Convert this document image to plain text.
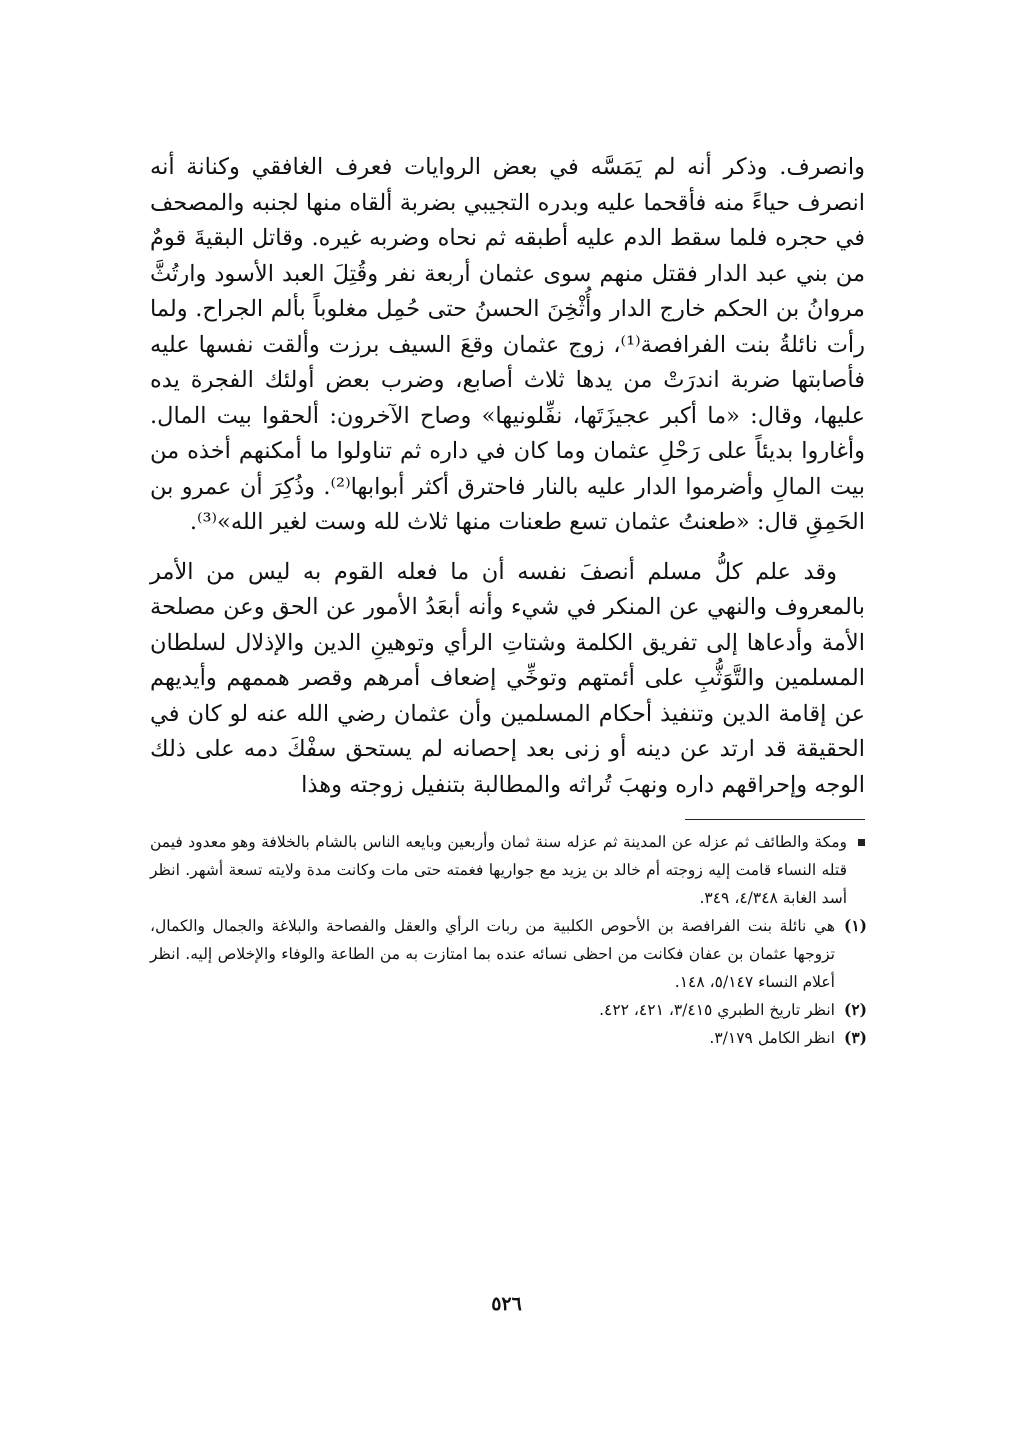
وانصرف. وذكر أنه لم يَمَسَّه في بعض الروايات فعرف الغافقي وكنانة أنه انصرف حياءً منه فأقحما عليه وبدره التجيبي بضربة ألقاه منها لجنبه والمصحف في حجره فلما سقط الدم عليه أطبقه ثم نحاه وضربه غيره. وقاتل البقيةَ قومٌ من بني عبد الدار فقتل منهم سوى عثمان أربعة نفر وقُتِلَ العبد الأسود وارتُثَّ مروانُ بن الحكم خارج الدار وأُثْخِنَ الحسنُ حتى حُمِل مغلوباً بألم الجراح. ولما رأت نائلةُ بنت الفرافصة⁽¹⁾، زوج عثمان وقعَ السيف برزت وألقت نفسها عليه فأصابتها ضربة اندرَتْ من يدها ثلاث أصابع، وضرب بعض أولئك الفجرة يده عليها، وقال: «ما أكبر عجيزَتَها، نفِّلونيها» وصاح الآخرون: ألحقوا بيت المال. وأغاروا بديئاً على رَحْلِ عثمان وما كان في داره ثم تناولوا ما أمكنهم أخذه من بيت المالِ وأضرموا الدار عليه بالنار فاحترق أكثر أبوابها⁽²⁾. وذُكِرَ أن عمرو بن الحَمِقِ قال: «طعنتُ عثمان تسع طعنات منها ثلاث لله وست لغير الله»⁽³⁾.

وقد علم كلُّ مسلم أنصفَ نفسه أن ما فعله القوم به ليس من الأمر بالمعروف والنهي عن المنكر في شيء وأنه أبعَدُ الأمور عن الحق وعن مصلحة الأمة وأدعاها إلى تفريق الكلمة وشتاتِ الرأي وتوهينِ الدين والإذلال لسلطان المسلمين والتَّوَثُّبِ على أئمتهم وتوخِّي إضعاف أمرهم وقصر هممهم وأيديهم عن إقامة الدين وتنفيذ أحكام المسلمين وأن عثمان رضي الله عنه لو كان في الحقيقة قد ارتد عن دينه أو زنى بعد إحصانه لم يستحق سفْكَ دمه على ذلك الوجه وإحراقهم داره ونهبَ تُراثه والمطالبة بتنفيل زوجته وهذا

ومكة والطائف ثم عزله عن المدينة ثم عزله سنة ثمان وأربعين وبايعه الناس بالشام بالخلافة وهو معدود فيمن قتله النساء قامت إليه زوجته أم خالد بن يزيد مع جواريها فغمته حتى مات وكانت مدة ولايته تسعة أشهر. انظر أسد الغابة ٤/٣٤٨، ٣٤٩.

(١)
هي نائلة بنت الفرافصة بن الأحوص الكلبية من ربات الرأي والعقل والفصاحة والبلاغة والجمال والكمال، تزوجها عثمان بن عفان فكانت من احظى نسائه عنده بما امتازت به من الطاعة والوفاء والإخلاص إليه. انظر أعلام النساء ٥/١٤٧، ١٤٨.

(٢)
انظر تاريخ الطبري ٣/٤١٥، ٤٢١، ٤٢٢.

(٣)
انظر الكامل ٣/١٧٩.

٥٢٦
